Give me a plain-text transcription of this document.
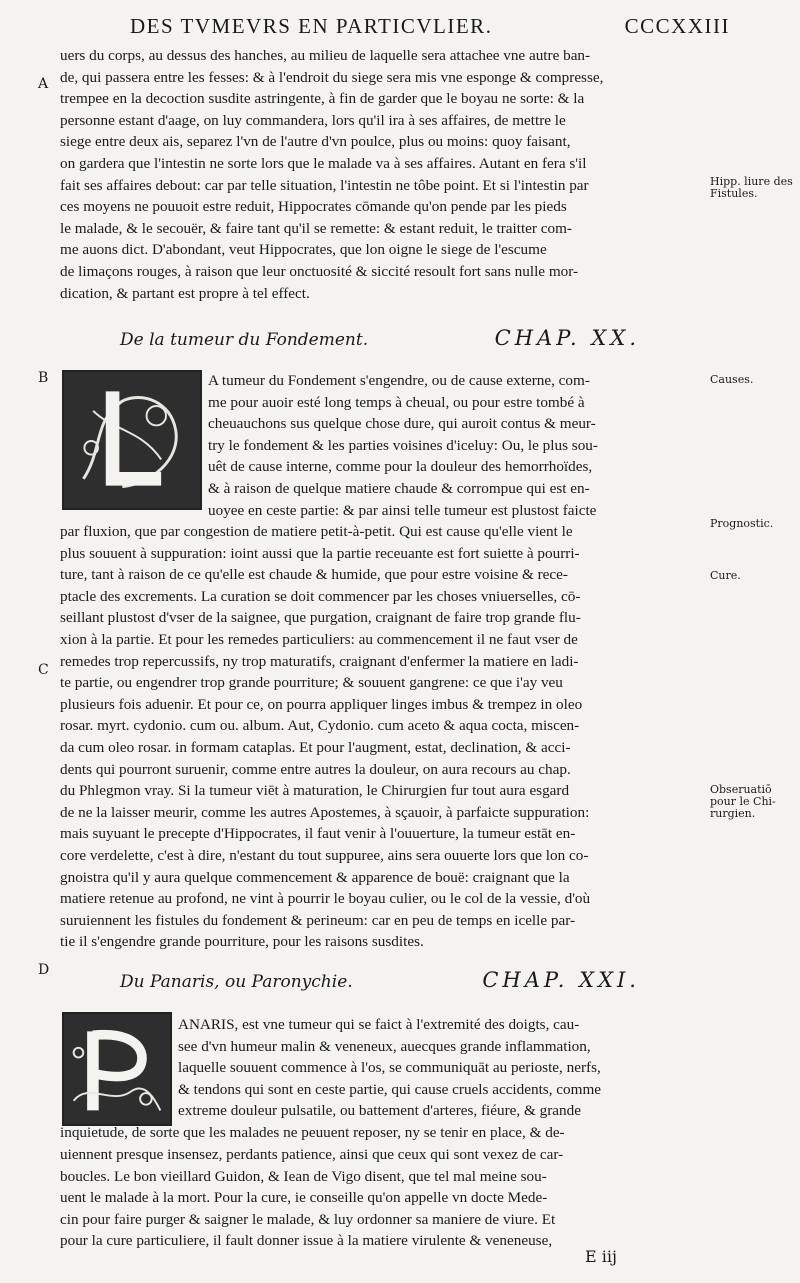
DES TVMEVRS EN PARTICVLIER.	CCCXXIII
A
B
C
D
Hipp. liure des Fistules.
Causes.
Prognostic.
Cure.
Obseruatiō pour le Chi- rurgien.
uers du corps, au dessus des hanches, au milieu de laquelle sera attachee vne autre ban-
de, qui passera entre les fesses: & à l'endroit du siege sera mis vne esponge & compresse,
trempee en la decoction susdite astringente, à fin de garder que le boyau ne sorte: & la
personne estant d'aage, on luy commandera, lors qu'il ira à ses affaires, de mettre le
siege entre deux ais, separez l'vn de l'autre d'vn poulce, plus ou moins: quoy faisant,
on gardera que l'intestin ne sorte lors que le malade va à ses affaires. Autant en fera s'il
fait ses affaires debout: car par telle situation, l'intestin ne tôbe point. Et si l'intestin par
ces moyens ne pouuoit estre reduit, Hippocrates cōmande qu'on pende par les pieds
le malade, & le secouër, & faire tant qu'il se remette: & estant reduit, le traitter com-
me auons dict. D'abondant, veut Hippocrates, que lon oigne le siege de l'escume
de limaçons rouges, à raison que leur onctuosité & siccité resoult fort sans nulle mor-
dication, & partant est propre à tel effect.
De la tumeur du Fondement.	CHAP. XX.
A tumeur du Fondement s'engendre, ou de cause externe, com-
me pour auoir esté long temps à cheual, ou pour estre tombé à
cheuauchons sus quelque chose dure, qui auroit contus & meur-
try le fondement & les parties voisines d'iceluy: Ou, le plus sou-
uêt de cause interne, comme pour la douleur des hemorrhoïdes,
& à raison de quelque matiere chaude & corrompue qui est en-
uoyee en ceste partie: & par ainsi telle tumeur est plustost faicte
par fluxion, que par congestion de matiere petit-à-petit. Qui est cause qu'elle vient le
plus souuent à suppuration: ioint aussi que la partie receuante est fort suiette à pourri-
ture, tant à raison de ce qu'elle est chaude & humide, que pour estre voisine & rece-
ptacle des excrements. La curation se doit commencer par les choses vniuerselles, cō-
seillant plustost d'vser de la saignee, que purgation, craignant de faire trop grande flu-
xion à la partie. Et pour les remedes particuliers: au commencement il ne faut vser de
remedes trop repercussifs, ny trop maturatifs, craignant d'enfermer la matiere en ladi-
te partie, ou engendrer trop grande pourriture; & souuent gangrene: ce que i'ay veu
plusieurs fois aduenir. Et pour ce, on pourra appliquer linges imbus & trempez in oleo
rosar. myrt. cydonio. cum ou. album. Aut, Cydonio. cum aceto & aqua cocta, miscen-
da cum oleo rosar. in formam cataplas. Et pour l'augment, estat, declination, & acci-
dents qui pourront suruenir, comme entre autres la douleur, on aura recours au chap.
du Phlegmon vray. Si la tumeur viēt à maturation, le Chirurgien fur tout aura esgard
de ne la laisser meurir, comme les autres Apostemes, à sçauoir, à parfaicte suppuration:
mais suyuant le precepte d'Hippocrates, il faut venir à l'ouuerture, la tumeur estāt en-
core verdelette, c'est à dire, n'estant du tout suppuree, ains sera ouuerte lors que lon co-
gnoistra qu'il y aura quelque commencement & apparence de bouë: craignant que la
matiere retenue au profond, ne vint à pourrir le boyau culier, ou le col de la vessie, d'où
suruiennent les fistules du fondement & perineum: car en peu de temps en icelle par-
tie il s'engendre grande pourriture, pour les raisons susdites.
Du Panaris, ou Paronychie.	CHAP. XXI.
ANARIS, est vne tumeur qui se faict à l'extremité des doigts, cau-
see d'vn humeur malin & veneneux, auecques grande inflammation,
laquelle souuent commence à l'os, se communiquāt au perioste, nerfs,
& tendons qui sont en ceste partie, qui cause cruels accidents, comme
extreme douleur pulsatile, ou battement d'arteres, fiéure, & grande
inquietude, de sorte que les malades ne peuuent reposer, ny se tenir en place, & de-
uiennent presque insensez, perdants patience, ainsi que ceux qui sont vexez de car-
boucles. Le bon vieillard Guidon, & Iean de Vigo disent, que tel mal meine sou-
uent le malade à la mort. Pour la cure, ie conseille qu'on appelle vn docte Mede-
cin pour faire purger & saigner le malade, & luy ordonner sa maniere de viure. Et
pour la cure particuliere, il fault donner issue à la matiere virulente & veneneuse,
E iij
